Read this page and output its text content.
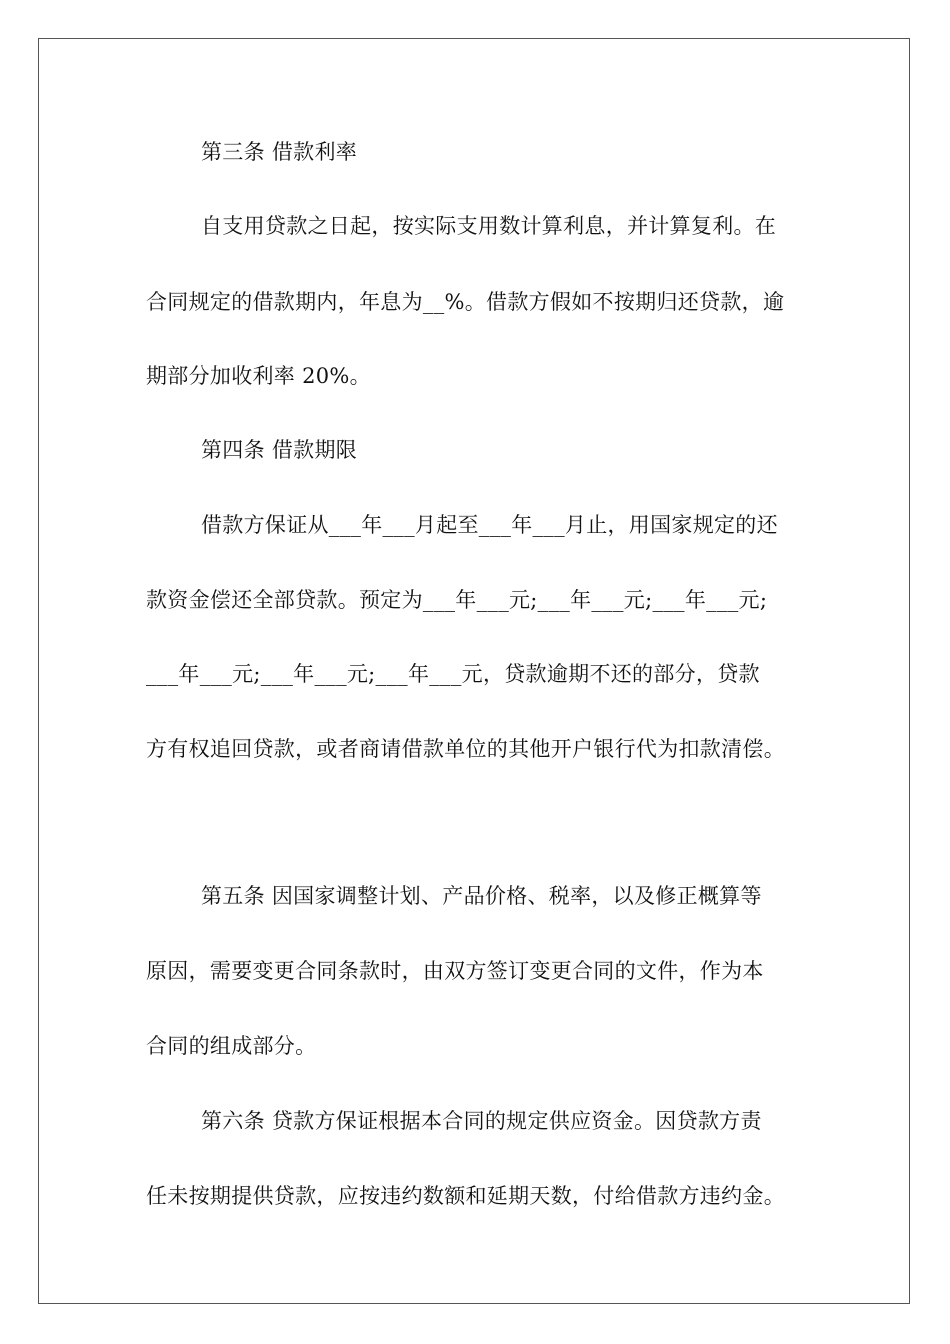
第三条 借款利率
自支用贷款之日起，按实际支用数计算利息，并计算复利。在
合同规定的借款期内，年息为__%。借款方假如不按期归还贷款，逾
期部分加收利率 20%。
第四条 借款期限
借款方保证从___年___月起至___年___月止，用国家规定的还
款资金偿还全部贷款。预定为___年___元;___年___元;___年___元;
___年___元;___年___元;___年___元，贷款逾期不还的部分，贷款
方有权追回贷款，或者商请借款单位的其他开户银行代为扣款清偿。
第五条 因国家调整计划、产品价格、税率，以及修正概算等
原因，需要变更合同条款时，由双方签订变更合同的文件，作为本
合同的组成部分。
第六条 贷款方保证根据本合同的规定供应资金。因贷款方责
任未按期提供贷款，应按违约数额和延期天数，付给借款方违约金。
